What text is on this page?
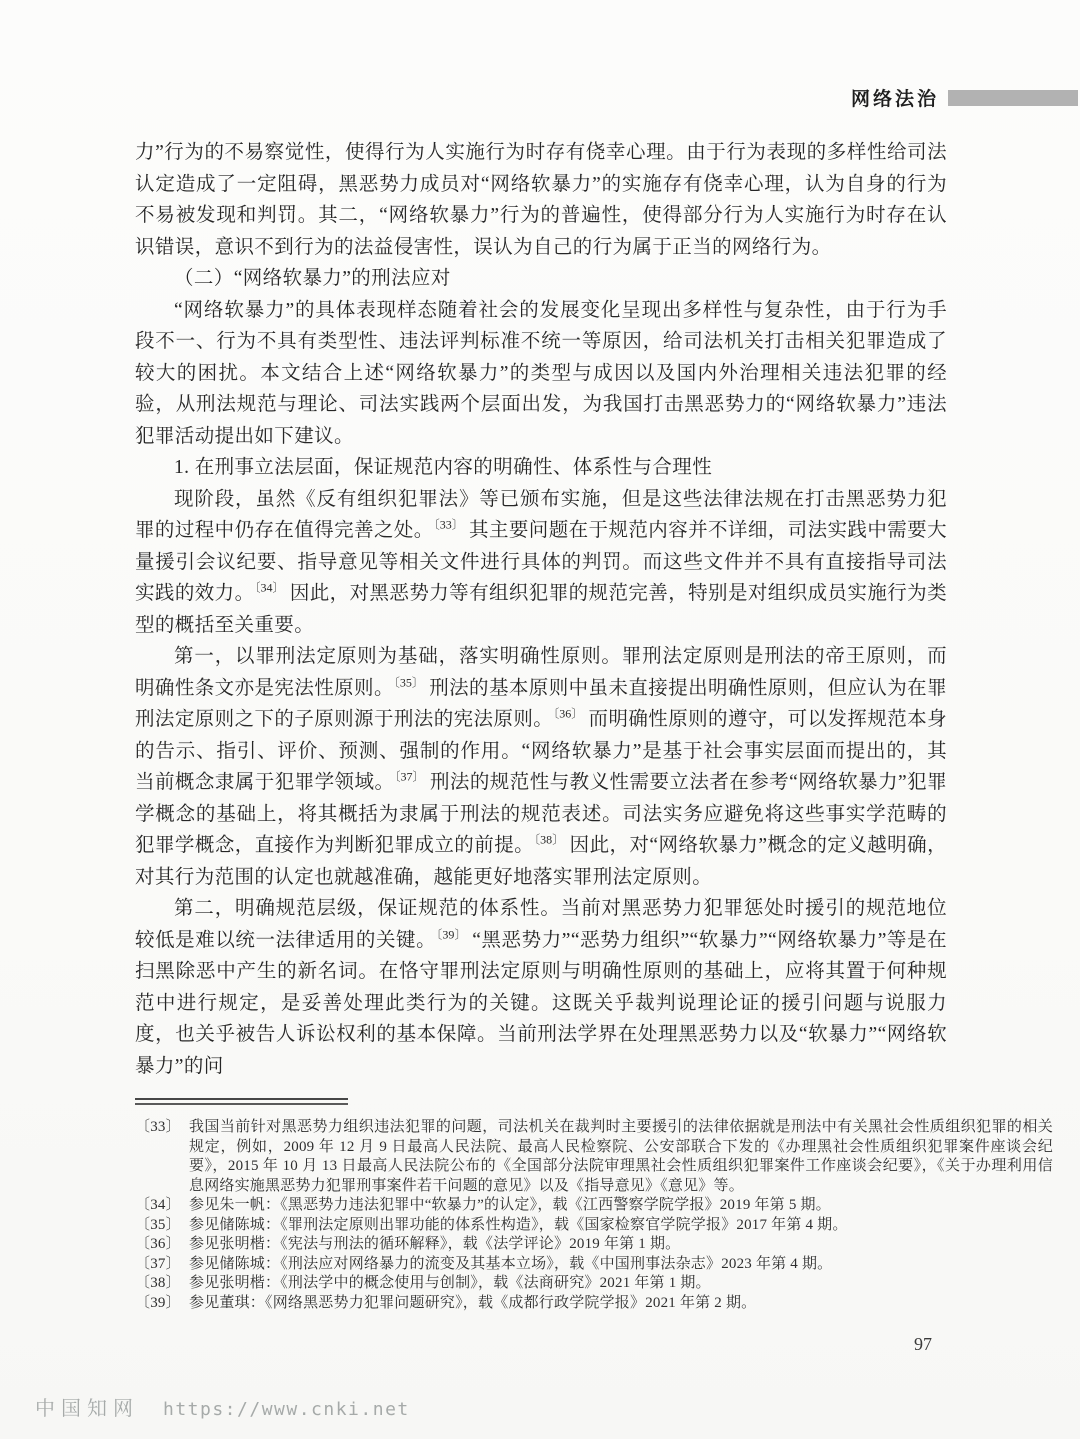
网络法治

力”行为的不易察觉性，使得行为人实施行为时存有侥幸心理。由于行为表现的多样性给司法认定造成了一定阻碍，黑恶势力成员对“网络软暴力”的实施存有侥幸心理，认为自身的行为不易被发现和判罚。其二，“网络软暴力”行为的普遍性，使得部分行为人实施行为时存在认识错误，意识不到行为的法益侵害性，误认为自己的行为属于正当的网络行为。

（二）“网络软暴力”的刑法应对

“网络软暴力”的具体表现样态随着社会的发展变化呈现出多样性与复杂性，由于行为手段不一、行为不具有类型性、违法评判标准不统一等原因，给司法机关打击相关犯罪造成了较大的困扰。本文结合上述“网络软暴力”的类型与成因以及国内外治理相关违法犯罪的经验，从刑法规范与理论、司法实践两个层面出发，为我国打击黑恶势力的“网络软暴力”违法犯罪活动提出如下建议。

1. 在刑事立法层面，保证规范内容的明确性、体系性与合理性

现阶段，虽然《反有组织犯罪法》等已颁布实施，但是这些法律法规在打击黑恶势力犯罪的过程中仍存在值得完善之处。$^{〔33〕}$ 其主要问题在于规范内容并不详细，司法实践中需要大量援引会议纪要、指导意见等相关文件进行具体的判罚。而这些文件并不具有直接指导司法实践的效力。$^{〔34〕}$ 因此，对黑恶势力等有组织犯罪的规范完善，特别是对组织成员实施行为类型的概括至关重要。

第一，以罪刑法定原则为基础，落实明确性原则。罪刑法定原则是刑法的帝王原则，而明确性条文亦是宪法性原则。$^{〔35〕}$ 刑法的基本原则中虽未直接提出明确性原则，但应认为在罪刑法定原则之下的子原则源于刑法的宪法原则。$^{〔36〕}$ 而明确性原则的遵守，可以发挥规范本身的告示、指引、评价、预测、强制的作用。“网络软暴力”是基于社会事实层面而提出的，其当前概念隶属于犯罪学领域。$^{〔37〕}$ 刑法的规范性与教义性需要立法者在参考“网络软暴力”犯罪学概念的基础上，将其概括为隶属于刑法的规范表述。司法实务应避免将这些事实学范畴的犯罪学概念，直接作为判断犯罪成立的前提。$^{〔38〕}$ 因此，对“网络软暴力”概念的定义越明确，对其行为范围的认定也就越准确，越能更好地落实罪刑法定原则。

第二，明确规范层级，保证规范的体系性。当前对黑恶势力犯罪惩处时援引的规范地位较低是难以统一法律适用的关键。$^{〔39〕}$ “黑恶势力”“恶势力组织”“软暴力”“网络软暴力”等是在扫黑除恶中产生的新名词。在恪守罪刑法定原则与明确性原则的基础上，应将其置于何种规范中进行规定，是妥善处理此类行为的关键。这既关乎裁判说理论证的援引问题与说服力度，也关乎被告人诉讼权利的基本保障。当前刑法学界在处理黑恶势力以及“软暴力”“网络软暴力”的问

〔33〕 我国当前针对黑恶势力组织违法犯罪的问题，司法机关在裁判时主要援引的法律依据就是刑法中有关黑社会性质组织犯罪的相关规定，例如，2009 年 12 月 9 日最高人民法院、最高人民检察院、公安部联合下发的《办理黑社会性质组织犯罪案件座谈会纪要》，2015 年 10 月 13 日最高人民法院公布的《全国部分法院审理黑社会性质组织犯罪案件工作座谈会纪要》，《关于办理利用信息网络实施黑恶势力犯罪刑事案件若干问题的意见》以及《指导意见》《意见》等。

〔34〕 参见朱一帆：《黑恶势力违法犯罪中“软暴力”的认定》，载《江西警察学院学报》2019 年第 5 期。

〔35〕 参见储陈城：《罪刑法定原则出罪功能的体系性构造》，载《国家检察官学院学报》2017 年第 4 期。

〔36〕 参见张明楷：《宪法与刑法的循环解释》，载《法学评论》2019 年第 1 期。

〔37〕 参见储陈城：《刑法应对网络暴力的流变及其基本立场》，载《中国刑事法杂志》2023 年第 4 期。

〔38〕 参见张明楷：《刑法学中的概念使用与创制》，载《法商研究》2021 年第 1 期。

〔39〕 参见董琪：《网络黑恶势力犯罪问题研究》，载《成都行政学院学报》2021 年第 2 期。

97
中国知网 https://www.cnki.net
